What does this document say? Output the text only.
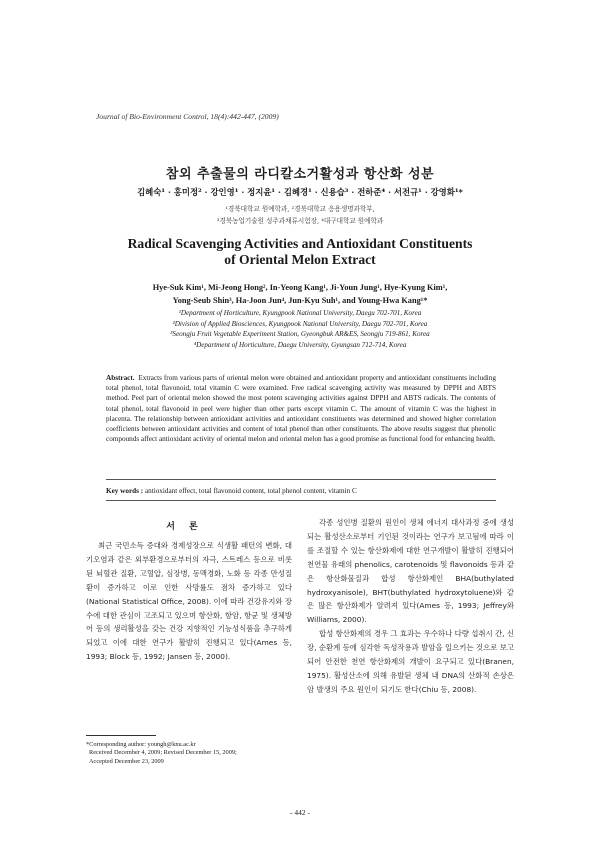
Journal of Bio-Environment Control, 18(4):442-447, (2009)
참외 추출물의 라디칼소거활성과 항산화 성분
김혜숙¹ · 홍미정² · 강인영¹ · 정지윤¹ · 김혜경¹ · 신용습³ · 전하준⁴ · 서전규¹ · 강영화¹*
¹경북대학교 원예학과, ²경북대학교 응용생명과학부,
³경북농업기술원 성주과채류시험장, ⁴대구대학교 원예학과
Radical Scavenging Activities and Antioxidant Constituents
of Oriental Melon Extract
Hye-Suk Kim¹, Mi-Jeong Hong², In-Yeong Kang¹, Ji-Youn Jung¹, Hye-Kyung Kim¹,
Yong-Seub Shin³, Ha-Joon Jun⁴, Jun-Kyu Suh¹, and Young-Hwa Kang¹*
¹Department of Horticulture, Kyungpook National University, Daegu 702-701, Korea
²Division of Applied Biosciences, Kyungpook National University, Daegu 702-701, Korea
³Seongju Fruit Vegetable Experiment Station, Gyeongbuk AR&ES, Seongju 719-861, Korea
⁴Department of Horticulture, Daegu University, Gyungsan 712-714, Korea
Abstract. Extracts from various parts of oriental melon were obtained and antioxidant property and antioxidant constituents including total phenol, total flavonoid, total vitamin C were examined. Free radical scavenging activity was measured by DPPH and ABTS method. Peel part of oriental melon showed the most potent scavenging activities against DPPH and ABTS radicals. The contents of total phenol, total flavonoid in peel were higher than other parts except vitamin C. The amount of vitamin C was the highest in placenta. The relationship between antioxidant activities and antioxidant constituents was determined and showed higher correlation coefficients between antioxidant activities and content of total phenol than other constituents. The above results suggest that phenolic compounds affect antioxidant activity of oriental melon and oriental melon has a good promise as functional food for enhancing health.
Key words : antioxidant effect, total flavonoid content, total phenol content, vitamin C
서론

최근 국민소득 증대와 경제성장으로 식생활 패턴의 변화, 대기오염과 같은 외부환경으로부터의 자극, 스트레스 등으로 비롯된 뇌혈관 질환, 고혈압, 심장병, 동맥경화, 노화 등 각종 만성질환이 증가하고 이로 인한 사망률도 점차 증가하고 있다(National Statistical Office, 2008). 이에 따라 건강유지와 장수에 대한 관심이 고조되고 있으며 항산화, 항암, 항균 및 생체방어 등의 생리활성을 갖는 건강 지향적인 기능성식품을 추구하게 되었고 이에 대한 연구가 활발히 진행되고 있다(Ames 등, 1993; Block 등, 1992; Jansen 등, 2000).

각종 성인병 질환의 원인이 생체 에너지 대사과정 중에 생성되는 활성산소로부터 기인된 것이라는 연구가 보고됨에 따라 이를 조절할 수 있는 항산화제에 대한 연구개발이 활발히 진행되어 천연물 유래의 phenolics, carotenoids 및 flavonoids 등과 같은 항산화물질과 합성 항산화제인 BHA(buthylated hydroxyanisole), BHT(buthylated hydroxytoluene)와 같은 많은 항산화제가 알려져 있다(Ames 등, 1993; Jeffrey와 Williams, 2000).

합성 항산화제의 경우 그 효과는 우수하나 다량 섭취시 간, 신장, 순환계 등에 심각한 독성작용과 발암을 일으키는 것으로 보고되어 안전한 천연 항산화제의 개발이 요구되고 있다(Branen, 1975). 활성산소에 의해 유발된 생체 내 DNA의 산화적 손상은 암 발생의 주요 원인이 되기도 한다(Chiu 등, 2008).

*Corresponding author: youngh@knu.ac.kr
Received December 4, 2009; Revised December 15, 2009;
Accepted December 23, 2009
- 442 -
